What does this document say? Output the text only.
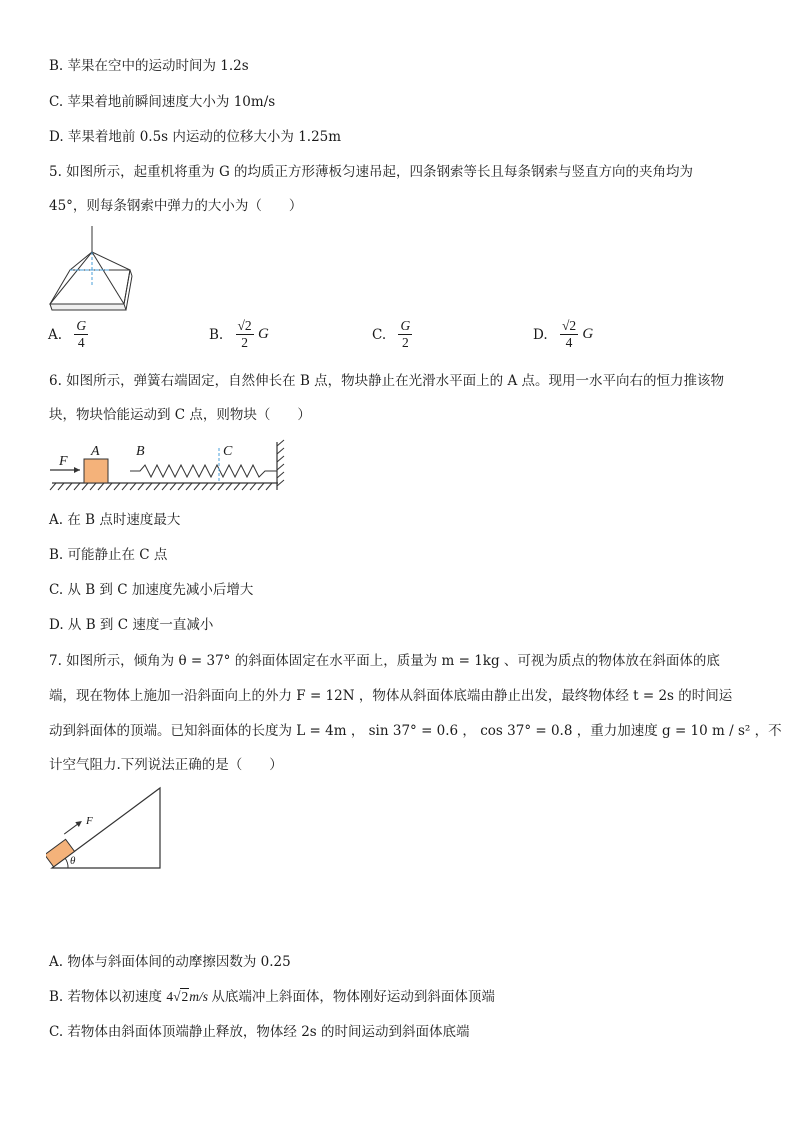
B. 苹果在空中的运动时间为 1.2s
C. 苹果着地前瞬间速度大小为 10m/s
D. 苹果着地前 0.5s 内运动的位移大小为 1.25m
5. 如图所示，起重机将重为 G 的均质正方形薄板匀速吊起，四条钢索等长且每条钢索与竖直方向的夹角均为
45°，则每条钢索中弹力的大小为（　　）
A. $\frac{G}{4}$	B. $\frac{√2}{2}$ G	C. $\frac{G}{2}$	D. $\frac{√2}{4}$ G
6. 如图所示，弹簧右端固定，自然伸长在 B 点，物块静止在光滑水平面上的 A 点。现用一水平向右的恒力推该物
块，物块恰能运动到 C 点，则物块（　　）
F
A	B	C
A. 在 B 点时速度最大
B. 可能静止在 C 点
C. 从 B 到 C 加速度先减小后增大
D. 从 B 到 C 速度一直减小
7. 如图所示，倾角为 θ = 37° 的斜面体固定在水平面上，质量为 m = 1kg 、可视为质点的物体放在斜面体的底
端，现在物体上施加一沿斜面向上的外力 F = 12N ，物体从斜面体底端由静止出发，最终物体经 t = 2s 的时间运
动到斜面体的顶端。已知斜面体的长度为 L = 4m ， sin 37° = 0.6 ， cos 37° = 0.8 ，重力加速度 g = 10 m / s² ，不
计空气阻力.下列说法正确的是（　　）
F
θ
A. 物体与斜面体间的动摩擦因数为 0.25
B. 若物体以初速度 4√2m/s 从底端冲上斜面体，物体刚好运动到斜面体顶端
C. 若物体由斜面体顶端静止释放，物体经 2s 的时间运动到斜面体底端
